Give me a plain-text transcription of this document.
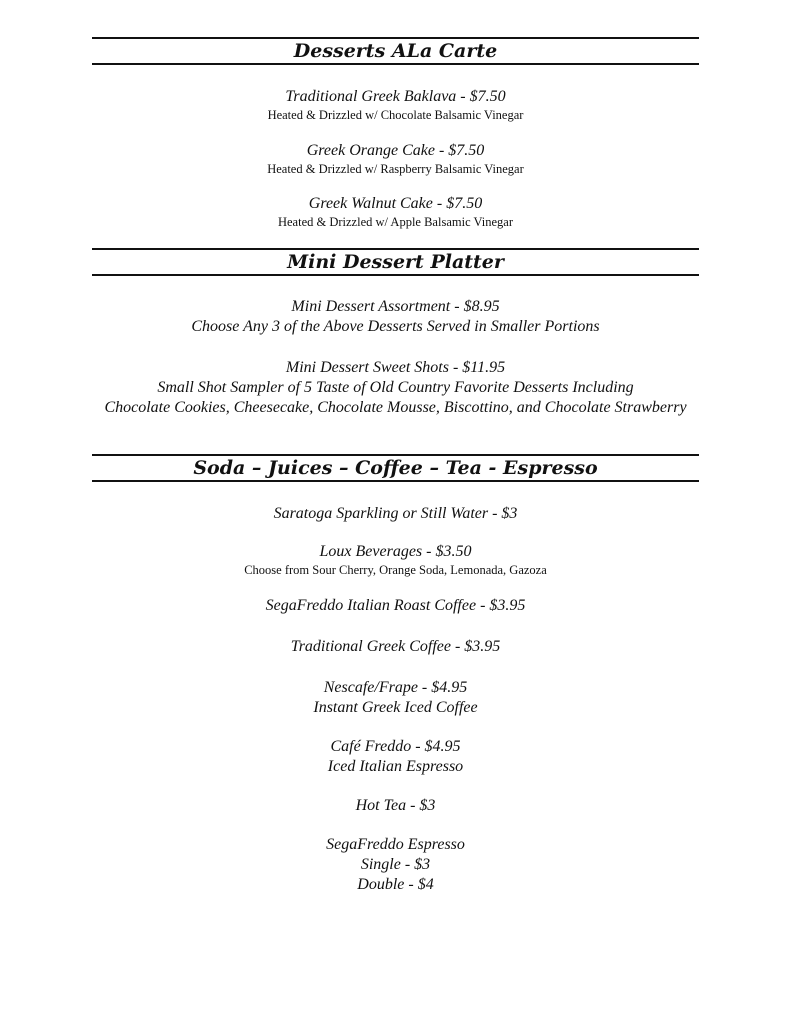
Desserts ALa Carte
Traditional Greek Baklava - $7.50
Heated & Drizzled w/ Chocolate Balsamic Vinegar
Greek Orange Cake - $7.50
Heated & Drizzled w/ Raspberry Balsamic Vinegar
Greek Walnut Cake - $7.50
Heated & Drizzled w/ Apple Balsamic Vinegar
Mini Dessert Platter
Mini Dessert Assortment - $8.95
Choose Any 3 of the Above Desserts Served in Smaller Portions
Mini Dessert Sweet Shots - $11.95
Small Shot Sampler of 5 Taste of Old Country Favorite Desserts Including
Chocolate Cookies, Cheesecake, Chocolate Mousse, Biscottino, and Chocolate Strawberry
Soda – Juices – Coffee – Tea - Espresso
Saratoga Sparkling or Still Water - $3
Loux Beverages - $3.50
Choose from Sour Cherry, Orange Soda, Lemonada, Gazoza
SegaFreddo Italian Roast Coffee - $3.95
Traditional Greek Coffee - $3.95
Nescafe/Frape - $4.95
Instant Greek Iced Coffee
Café Freddo - $4.95
Iced Italian Espresso
Hot Tea - $3
SegaFreddo Espresso
Single - $3
Double - $4
